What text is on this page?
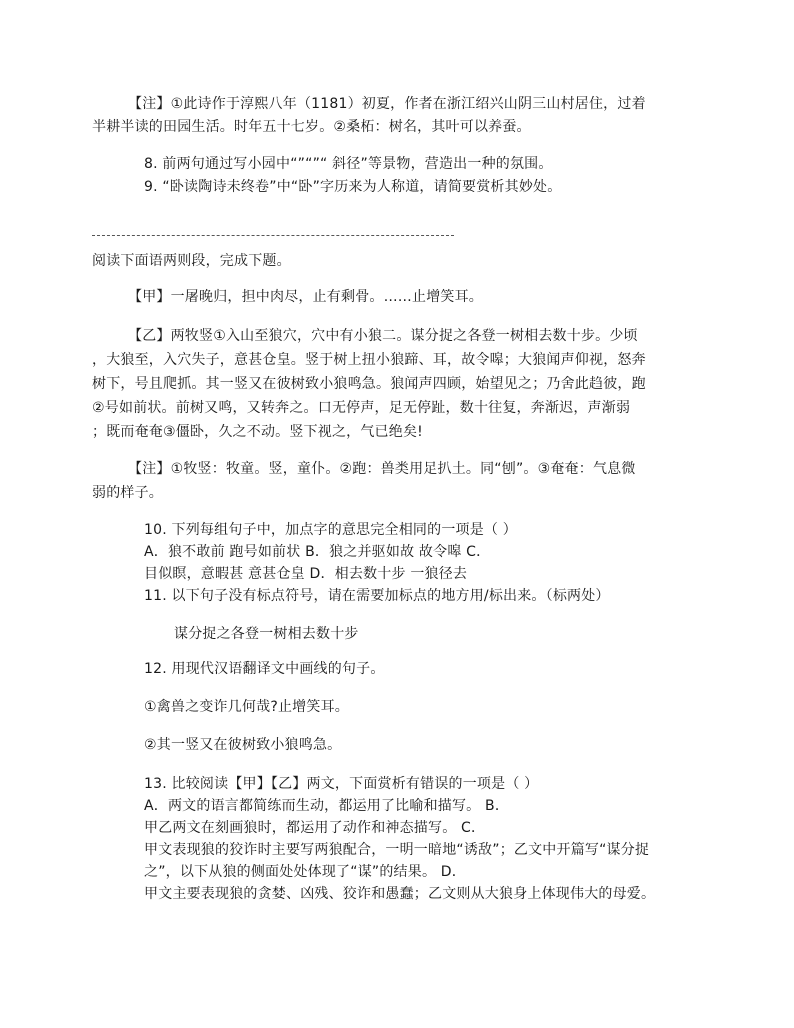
【注】①此诗作于淳熙八年（1181）初夏，作者在浙江绍兴山阴三山村居住，过着
半耕半读的田园生活。时年五十七岁。②桑柘：树名，其叶可以养蚕。
8. 前两句通过写小园中“”“”“ 斜径”等景物，营造出一种的氛围。
9. “卧读陶诗未终卷”中“卧”字历来为人称道，请简要赏析其妙处。
阅读下面语两则段，完成下题。
【甲】一屠晚归，担中肉尽，止有剩骨。……止增笑耳。
【乙】两牧竖①入山至狼穴，穴中有小狼二。谋分捉之各登一树相去数十步。少顷
，大狼至，入穴失子，意甚仓皇。竖于树上扭小狼蹄、耳，故令嗥；大狼闻声仰视，怒奔
树下，号且爬抓。其一竖又在彼树致小狼鸣急。狼闻声四顾，始望见之；乃舍此趋彼，跑
②号如前状。前树又鸣，又转奔之。口无停声，足无停趾，数十往复，奔渐迟，声渐弱
；既而奄奄③僵卧，久之不动。竖下视之，气已绝矣!
【注】①牧竖：牧童。竖，童仆。②跑：兽类用足扒土。同“刨”。③奄奄：气息微
弱的样子。
10. 下列每组句子中，加点字的意思完全相同的一项是（ ）
A．狼不敢前 跑号如前状 B．狼之并驱如故 故令嗥 C．
目似瞑，意暇甚 意甚仓皇 D．相去数十步 一狼径去
11. 以下句子没有标点符号，请在需要加标点的地方用/标出来。（标两处）
谋分捉之各登一树相去数十步
12. 用现代汉语翻译文中画线的句子。
①禽兽之变诈几何哉?止增笑耳。
②其一竖又在彼树致小狼鸣急。
13. 比较阅读【甲】【乙】两文，下面赏析有错误的一项是（ ）
A．两文的语言都简练而生动，都运用了比喻和描写。 B．
甲乙两文在刻画狼时，都运用了动作和神态描写。 C．
甲文表现狼的狡诈时主要写两狼配合，一明一暗地“诱敌”；乙文中开篇写“谋分捉
之”，以下从狼的侧面处处体现了“谋”的结果。 D．
甲文主要表现狼的贪婪、凶残、狡诈和愚蠢；乙文则从大狼身上体现伟大的母爱。
